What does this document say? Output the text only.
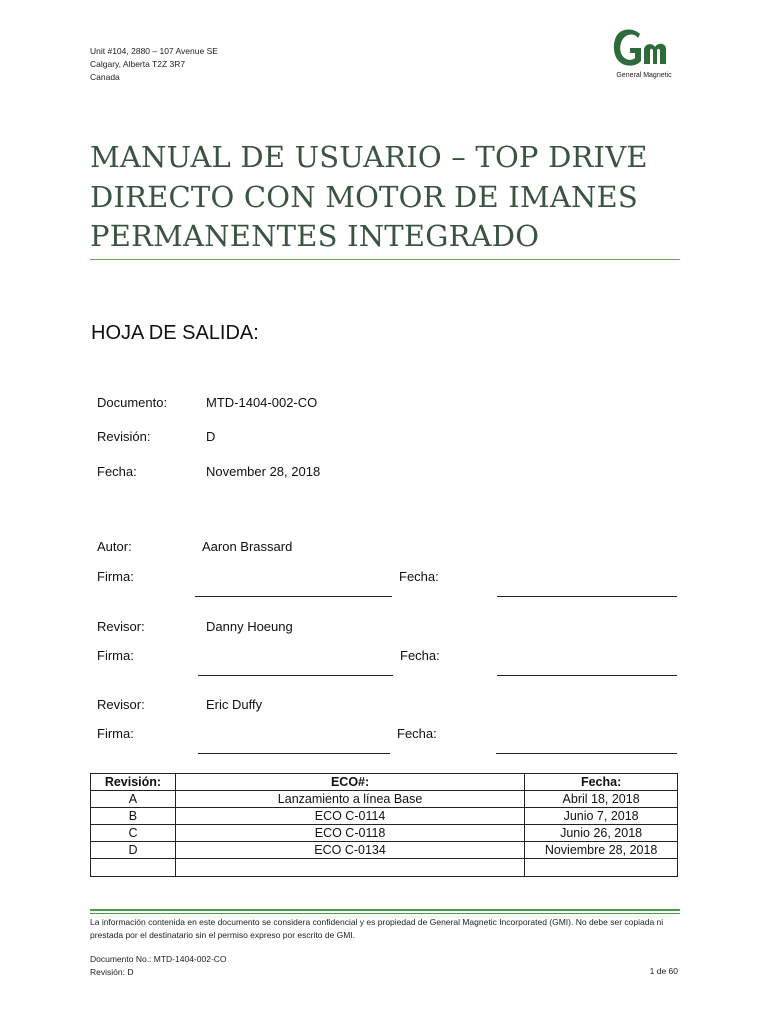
Unit #104, 2880 – 107 Avenue SE
Calgary, Alberta T2Z 3R7
Canada	General Magnetic
MANUAL DE USUARIO – TOP DRIVE
DIRECTO CON MOTOR DE IMANES
PERMANENTES INTEGRADO
HOJA DE SALIDA:
Documento:	MTD-1404-002-CO
Revisión:	D
Fecha:	November 28, 2018
Autor:	Aaron Brassard
Firma:	Fecha:
Revisor:	Danny Hoeung
Firma:	Fecha:
Revisor:	Eric Duffy
Firma:	Fecha:
Revisión:	ECO#:	Fecha:
A	Lanzamiento a línea Base	Abril 18, 2018
B	ECO C-0114	Junio 7, 2018
C	ECO C-0118	Junio 26, 2018
D	ECO C-0134	Noviembre 28, 2018

La información contenida en este documento se considera confidencial y es propiedad de General Magnetic Incorporated (GMI). No debe ser copiada ni prestada por el destinatario sin el permiso expreso por escrito de GMI.
Documento No.: MTD-1404-002-CO
Revisión: D	1 de 60
